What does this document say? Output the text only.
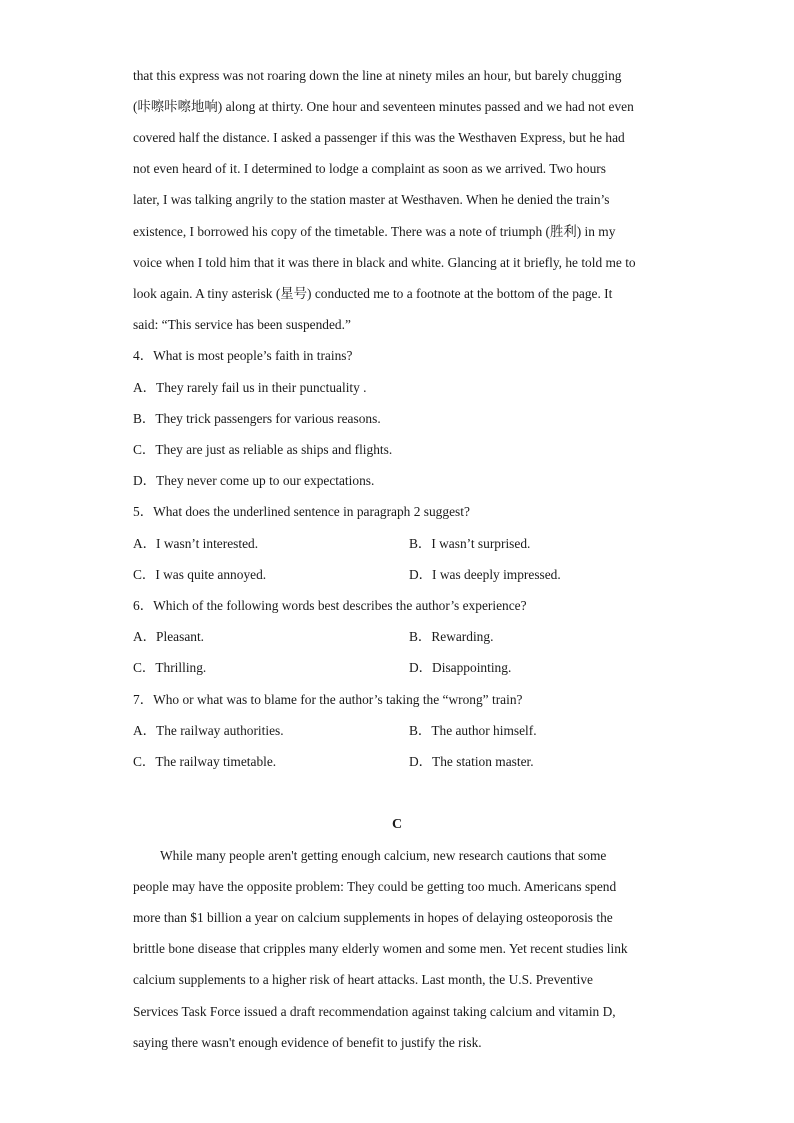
that this express was not roaring down the line at ninety miles an hour, but barely chugging
(咔嚓咔嚓地响) along at thirty. One hour and seventeen minutes passed and we had not even
covered half the distance. I asked a passenger if this was the Westhaven Express, but he had
not even heard of it. I determined to lodge a complaint as soon as we arrived. Two hours
later, I was talking angrily to the station master at Westhaven. When he denied the train’s
existence, I borrowed his copy of the timetable. There was a note of triumph (胜利) in my
voice when I told him that it was there in black and white. Glancing at it briefly, he told me to
look again. A tiny asterisk (星号) conducted me to a footnote at the bottom of the page. It
said: “This service has been suspended.”
4．What is most people’s faith in trains?
A．They rarely fail us in their punctuality .
B．They trick passengers for various reasons.
C．They are just as reliable as ships and flights.
D．They never come up to our expectations.
5．What does the underlined sentence in paragraph 2 suggest?
A．I wasn’t interested.	B．I wasn’t surprised.
C．I was quite annoyed.	D．I was deeply impressed.
6．Which of the following words best describes the author’s experience?
A．Pleasant.	B．Rewarding.
C．Thrilling.	D．Disappointing.
7．Who or what was to blame for the author’s taking the “wrong” train?
A．The railway authorities.	B．The author himself.
C．The railway timetable.	D．The station master.
C
While many people aren't getting enough calcium, new research cautions that some
people may have the opposite problem: They could be getting too much. Americans spend
more than $1 billion a year on calcium supplements in hopes of delaying osteoporosis the
brittle bone disease that cripples many elderly women and some men. Yet recent studies link
calcium supplements to a higher risk of heart attacks. Last month, the U.S. Preventive
Services Task Force issued a draft recommendation against taking calcium and vitamin D,
saying there wasn't enough evidence of benefit to justify the risk.
